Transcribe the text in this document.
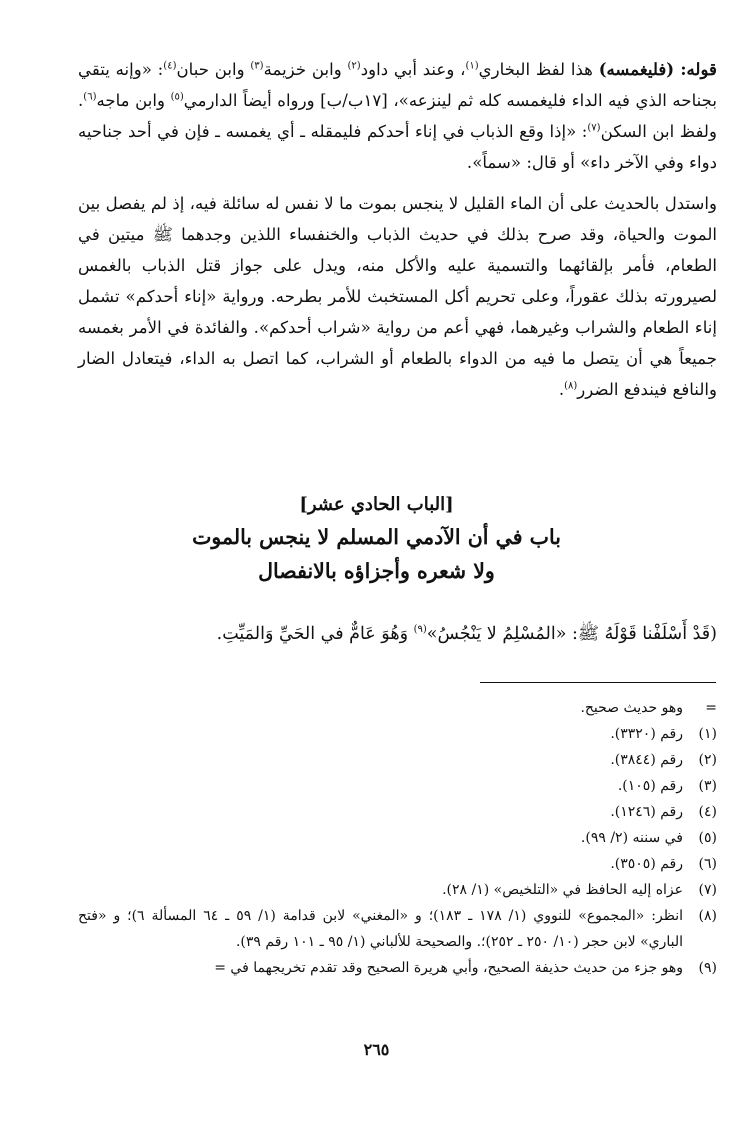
قوله: (فليغمسه) هذا لفظ البخاري$^{(١)}$، وعند أبي داود$^{(٢)}$ وابن خزيمة$^{(٣)}$ وابن حبان$^{(٤)}$: «وإنه يتقي بجناحه الذي فيه الداء فليغمسه كله ثم لينزعه»، [١٧ب/ب] ورواه أيضاً الدارمي$^{(٥)}$ وابن ماجه$^{(٦)}$. ولفظ ابن السكن$^{(٧)}$: «إذا وقع الذباب في إناء أحدكم فليمقله ـ أي يغمسه ـ فإن في أحد جناحيه دواء وفي الآخر داء» أو قال: «سماً».

واستدل بالحديث على أن الماء القليل لا ينجس بموت ما لا نفس له سائلة فيه، إذ لم يفصل بين الموت والحياة، وقد صرح بذلك في حديث الذباب والخنفساء اللذين وجدهما ﷺ ميتين في الطعام، فأمر بإلقائهما والتسمية عليه والأكل منه، ويدل على جواز قتل الذباب بالغمس لصيرورته بذلك عقوراً، وعلى تحريم أكل المستخبث للأمر بطرحه. ورواية «إناء أحدكم» تشمل إناء الطعام والشراب وغيرهما، فهي أعم من رواية «شراب أحدكم». والفائدة في الأمر بغمسه جميعاً هي أن يتصل ما فيه من الدواء بالطعام أو الشراب، كما اتصل به الداء، فيتعادل الضار والنافع فيندفع الضرر$^{(٨)}$.

[الباب الحادي عشر]
باب في أن الآدمي المسلم لا ينجس بالموت
ولا شعره وأجزاؤه بالانفصال
(قَدْ أَسْلَفْنا قَوْلَهُ ﷺ: «المُسْلِمُ لا يَنْجُسُ»$^{(٩)}$ وَهُوَ عَامٌّ في الحَيِّ وَالمَيِّتِ.
=
وهو حديث صحيح.
(١)
رقم (٣٣٢٠).
(٢)
رقم (٣٨٤٤).
(٣)
رقم (١٠٥).
(٤)
رقم (١٢٤٦).
(٥)
في سننه (٢/ ٩٩).
(٦)
رقم (٣٥٠٥).
(٧)
عزاه إليه الحافظ في «التلخيص» (١/ ٢٨).
(٨)
انظر: «المجموع» للنووي (١/ ١٧٨ ـ ١٨٣)؛ و «المغني» لابن قدامة (١/ ٥٩ ـ ٦٤ المسألة ٦)؛ و «فتح الباري» لابن حجر (١٠/ ٢٥٠ ـ ٢٥٢)؛. والصحيحة للألباني (١/ ٩٥ ـ ١٠١ رقم ٣٩).
(٩)
وهو جزء من حديث حذيفة الصحيح، وأبي هريرة الصحيح وقد تقدم تخريجهما في =
٢٦٥
